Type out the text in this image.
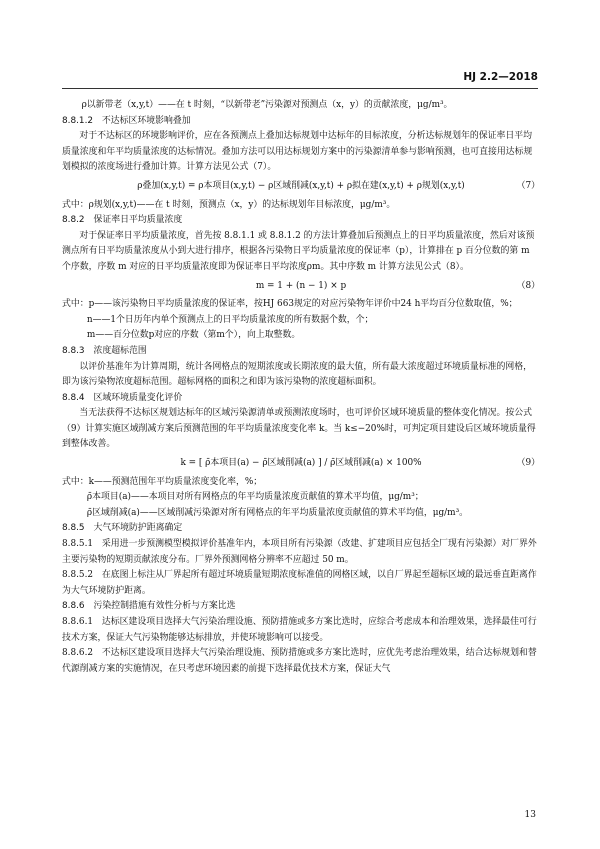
HJ 2.2—2018

ρ以新带老（x,y,t）——在 t 时刻，“以新带老”污染源对预测点（x，y）的贡献浓度，μg/m³。

8.8.1.2　不达标区环境影响叠加

对于不达标区的环境影响评价，应在各预测点上叠加达标规划中达标年的目标浓度，分析达标规划年的保证率日平均质量浓度和年平均质量浓度的达标情况。叠加方法可以用达标规划方案中的污染源清单参与影响预测，也可直接用达标规划模拟的浓度场进行叠加计算。计算方法见公式（7）。

ρ叠加(x,y,t) = ρ本项目(x,y,t) − ρ区域削减(x,y,t) + ρ拟在建(x,y,t) + ρ规划(x,y,t)	（7）

式中：ρ规划(x,y,t)——在 t 时刻，预测点（x，y）的达标规划年目标浓度，μg/m³。

8.8.2　保证率日平均质量浓度

对于保证率日平均质量浓度，首先按 8.8.1.1 或 8.8.1.2 的方法计算叠加后预测点上的日平均质量浓度，然后对该预测点所有日平均质量浓度从小到大进行排序，根据各污染物日平均质量浓度的保证率（p），计算排在 p 百分位数的第 m 个序数，序数 m 对应的日平均质量浓度即为保证率日平均浓度ρm。其中序数 m 计算方法见公式（8）。

m = 1 + (n − 1) × p	（8）

式中：p——该污染物日平均质量浓度的保证率，按HJ 663规定的对应污染物年评价中24 h平均百分位数取值，%；

n——1个日历年内单个预测点上的日平均质量浓度的所有数据个数，个；

m——百分位数p对应的序数（第m个），向上取整数。

8.8.3　浓度超标范围

以评价基准年为计算周期，统计各网格点的短期浓度或长期浓度的最大值，所有最大浓度超过环境质量标准的网格，即为该污染物浓度超标范围。超标网格的面积之和即为该污染物的浓度超标面积。

8.8.4　区域环境质量变化评价

当无法获得不达标区规划达标年的区域污染源清单或预测浓度场时，也可评价区域环境质量的整体变化情况。按公式（9）计算实施区域削减方案后预测范围的年平均质量浓度变化率 k。当 k≤−20%时，可判定项目建设后区域环境质量得到整体改善。

k = [ ρ̄本项目(a) − ρ̄区域削减(a) ] / ρ̄区域削减(a) × 100%	（9）

式中：k——预测范围年平均质量浓度变化率，%；

ρ̄本项目(a)——本项目对所有网格点的年平均质量浓度贡献值的算术平均值，μg/m³；

ρ̄区域削减(a)——区域削减污染源对所有网格点的年平均质量浓度贡献值的算术平均值，μg/m³。

8.8.5　大气环境防护距离确定

8.8.5.1　采用进一步预测模型模拟评价基准年内，本项目所有污染源（改建、扩建项目应包括全厂现有污染源）对厂界外主要污染物的短期贡献浓度分布。厂界外预测网格分辨率不应超过 50 m。

8.8.5.2　在底图上标注从厂界起所有超过环境质量短期浓度标准值的网格区域，以自厂界起至超标区域的最远垂直距离作为大气环境防护距离。

8.8.6　污染控制措施有效性分析与方案比选

8.8.6.1　达标区建设项目选择大气污染治理设施、预防措施或多方案比选时，应综合考虑成本和治理效果，选择最佳可行技术方案，保证大气污染物能够达标排放，并使环境影响可以接受。

8.8.6.2　不达标区建设项目选择大气污染治理设施、预防措施或多方案比选时，应优先考虑治理效果，结合达标规划和替代源削减方案的实施情况，在只考虑环境因素的前提下选择最优技术方案，保证大气

13
